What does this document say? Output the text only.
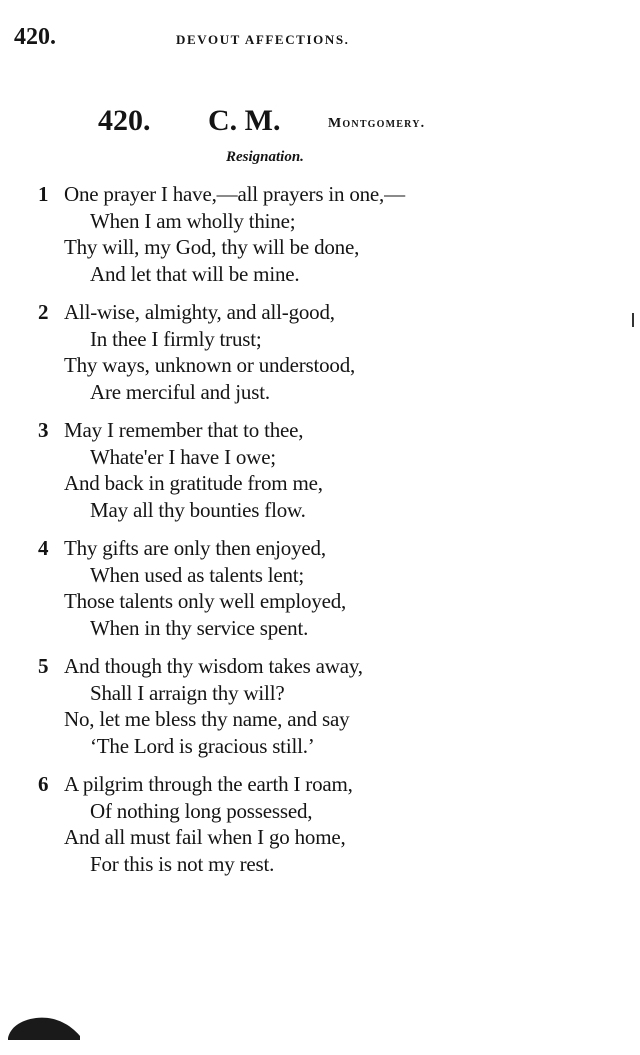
420.	DEVOUT AFFECTIONS.
420. C. M.	Montgomery.
Resignation.
1 One prayer I have,—all prayers in one,—
When I am wholly thine;
Thy will, my God, thy will be done,
And let that will be mine.
2 All-wise, almighty, and all-good,
In thee I firmly trust;
Thy ways, unknown or understood,
Are merciful and just.
3 May I remember that to thee,
Whate'er I have I owe;
And back in gratitude from me,
May all thy bounties flow.
4 Thy gifts are only then enjoyed,
When used as talents lent;
Those talents only well employed,
When in thy service spent.
5 And though thy wisdom takes away,
Shall I arraign thy will?
No, let me bless thy name, and say
‘The Lord is gracious still.’
6 A pilgrim through the earth I roam,
Of nothing long possessed,
And all must fail when I go home,
For this is not my rest.
